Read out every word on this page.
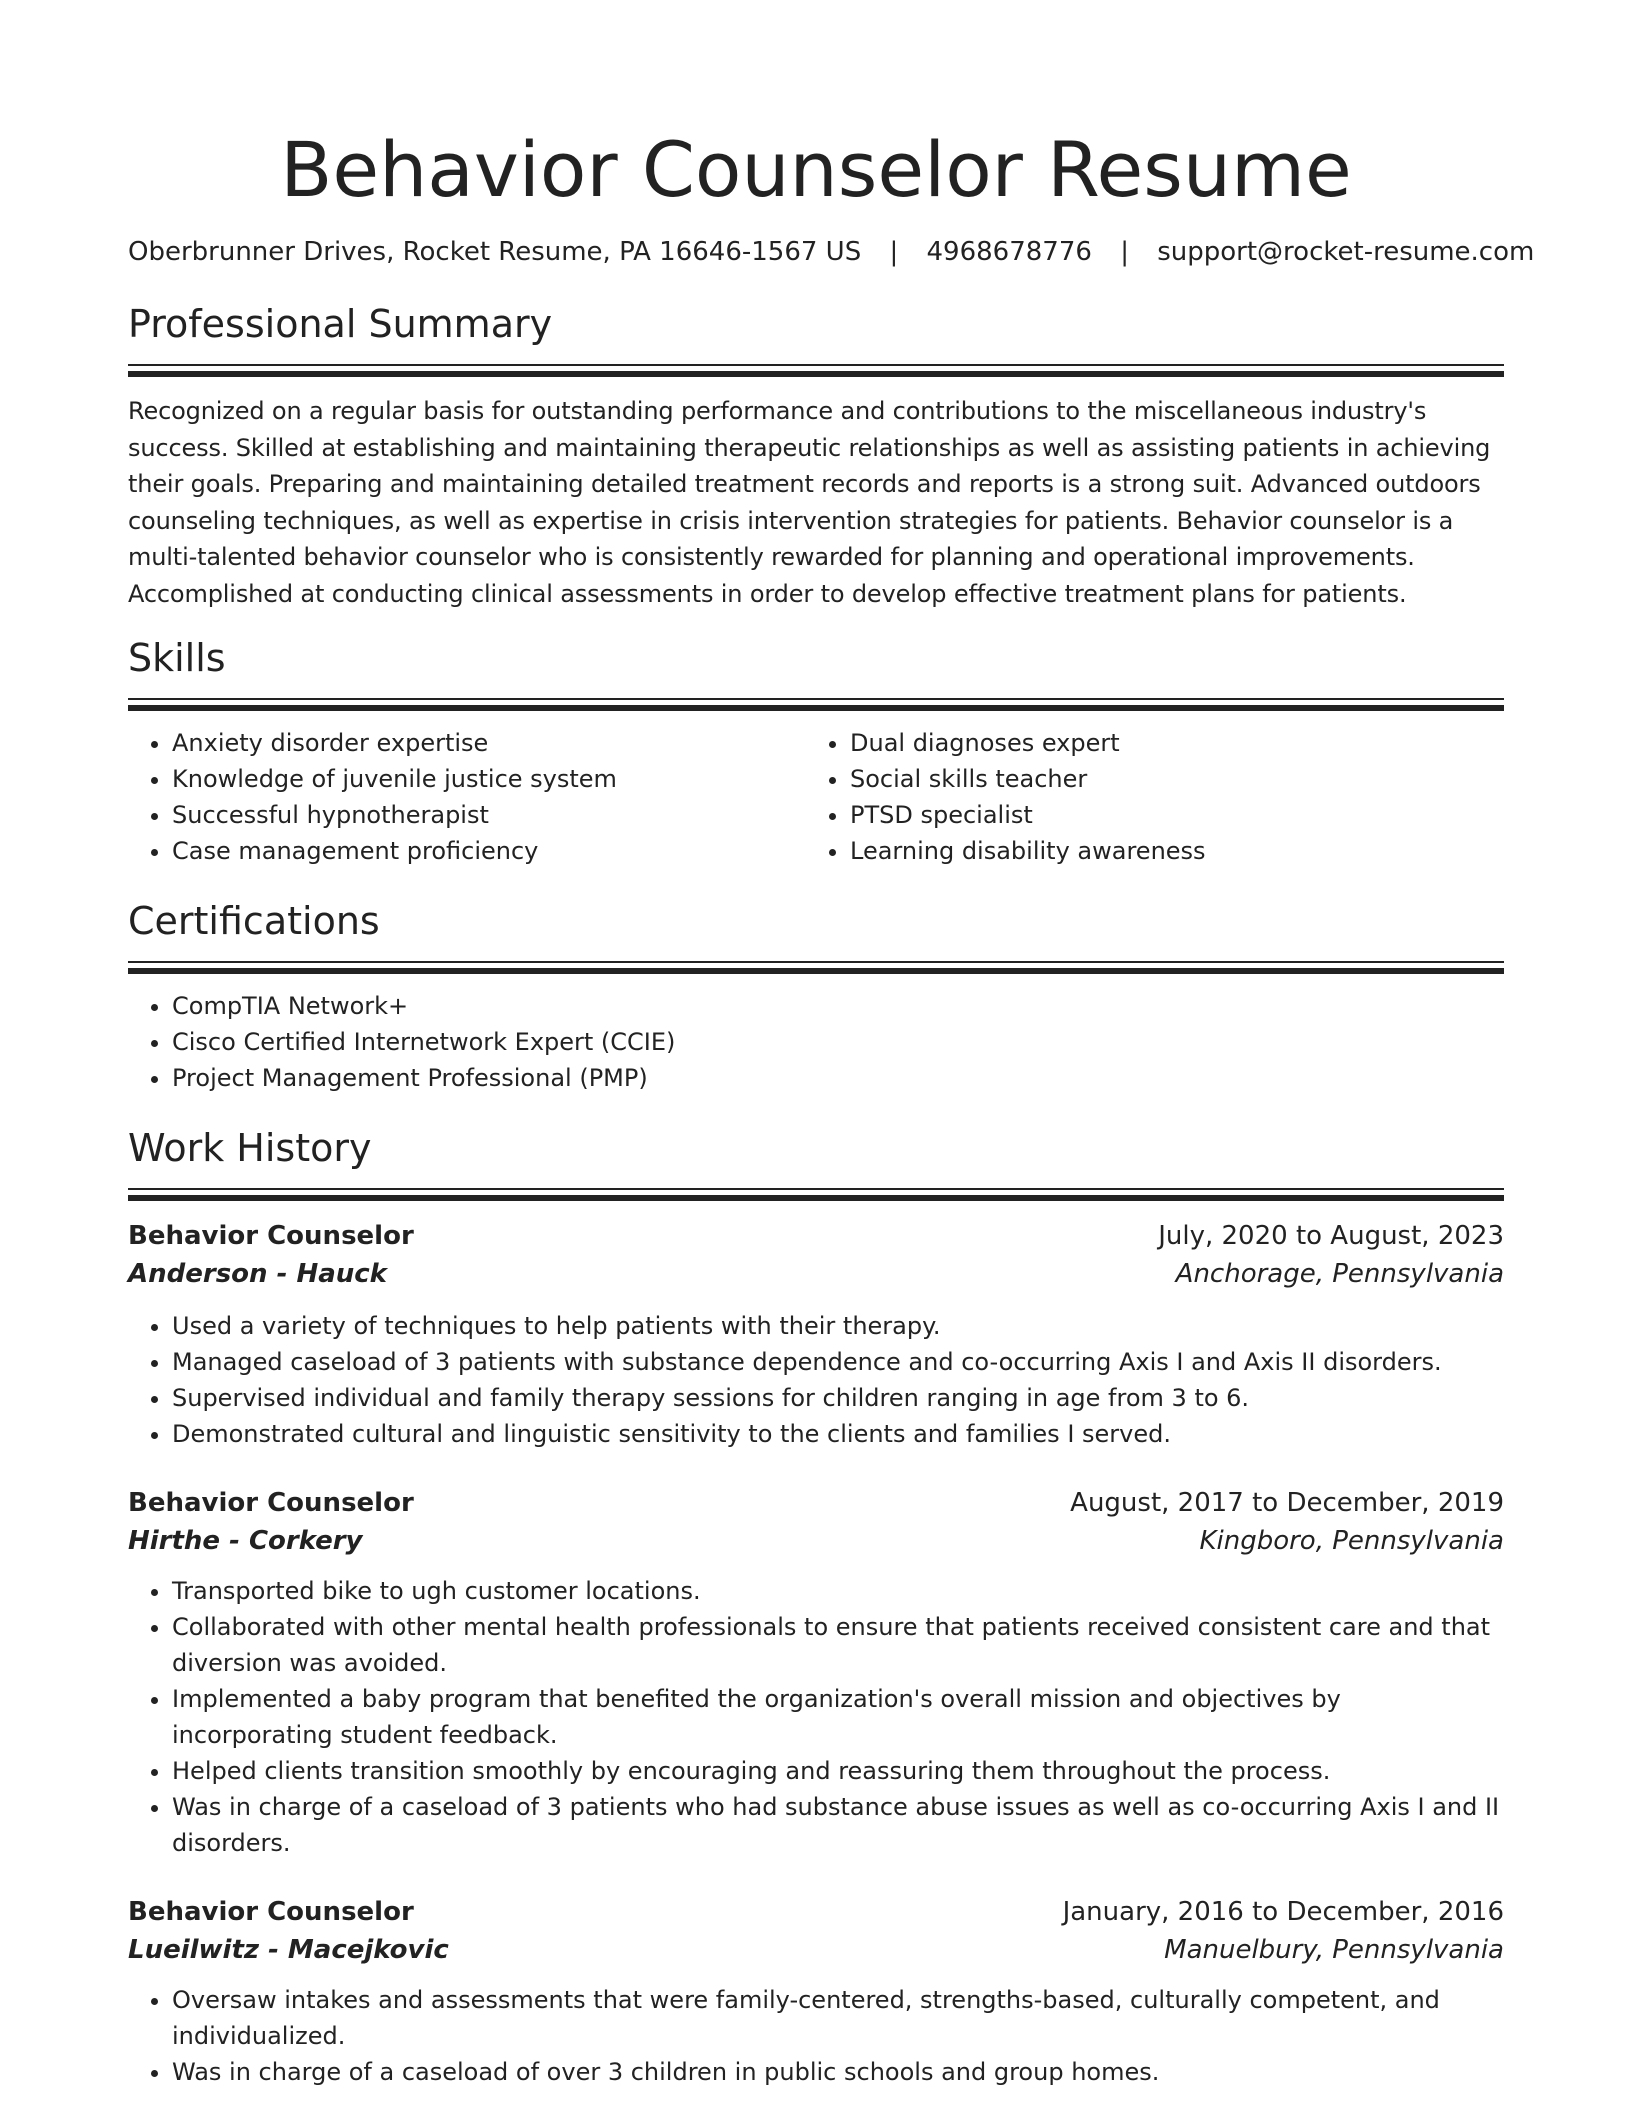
Behavior Counselor Resume
Oberbrunner Drives, Rocket Resume, PA 16646-1567 US | 4968678776 | support@rocket-resume.com
Professional Summary

Recognized on a regular basis for outstanding performance and contributions to the miscellaneous industry's success. Skilled at establishing and maintaining therapeutic relationships as well as assisting patients in achieving their goals. Preparing and maintaining detailed treatment records and reports is a strong suit. Advanced outdoors counseling techniques, as well as expertise in crisis intervention strategies for patients. Behavior counselor is a multi-talented behavior counselor who is consistently rewarded for planning and operational improvements. Accomplished at conducting clinical assessments in order to develop effective treatment plans for patients.

Skills
• Anxiety disorder expertise
• Knowledge of juvenile justice system
• Successful hypnotherapist
• Case management proficiency
• Dual diagnoses expert
• Social skills teacher
• PTSD specialist
• Learning disability awareness
Certifications
• CompTIA Network+
• Cisco Certified Internetwork Expert (CCIE)
• Project Management Professional (PMP)
Work History
Behavior Counselor	July, 2020 to August, 2023
Anderson - Hauck	Anchorage, Pennsylvania
• Used a variety of techniques to help patients with their therapy.
• Managed caseload of 3 patients with substance dependence and co-occurring Axis I and Axis II disorders.
• Supervised individual and family therapy sessions for children ranging in age from 3 to 6.
• Demonstrated cultural and linguistic sensitivity to the clients and families I served.
Behavior Counselor	August, 2017 to December, 2019
Hirthe - Corkery	Kingboro, Pennsylvania
• Transported bike to ugh customer locations.
• Collaborated with other mental health professionals to ensure that patients received consistent care and that diversion was avoided.
• Implemented a baby program that benefited the organization's overall mission and objectives by incorporating student feedback.
• Helped clients transition smoothly by encouraging and reassuring them throughout the process.
• Was in charge of a caseload of 3 patients who had substance abuse issues as well as co-occurring Axis I and II disorders.
Behavior Counselor	January, 2016 to December, 2016
Lueilwitz - Macejkovic	Manuelbury, Pennsylvania
• Oversaw intakes and assessments that were family-centered, strengths-based, culturally competent, and individualized.
• Was in charge of a caseload of over 3 children in public schools and group homes.
